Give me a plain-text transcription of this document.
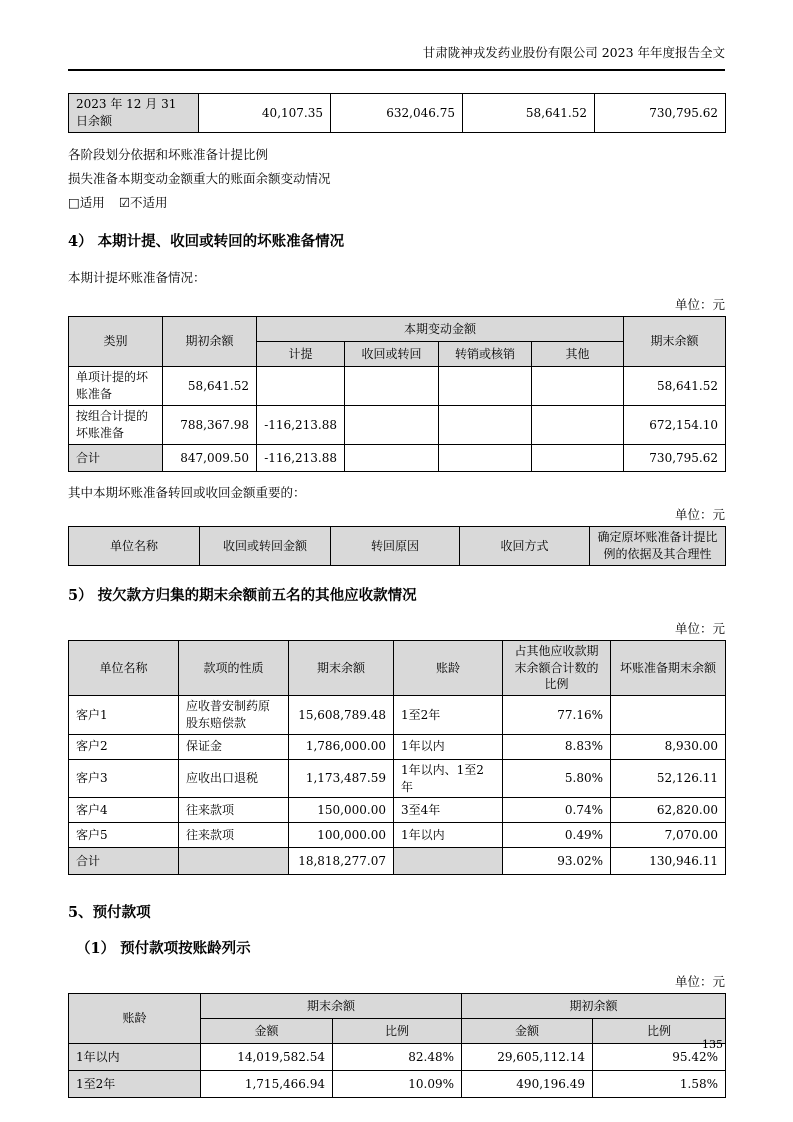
甘肃陇神戎发药业股份有限公司 2023 年年度报告全文
2023 年 12 月 31 日余额	40,107.35	632,046.75	58,641.52	730,795.62

各阶段划分依据和坏账准备计提比例

损失准备本期变动金额重大的账面余额变动情况

□适用 ☑不适用

4） 本期计提、收回或转回的坏账准备情况

本期计提坏账准备情况：

单位：元
类别	期初余额	本期变动金额				期末余额
		计提	收回或转回	转销或核销	其他	
单项计提的坏账准备	58,641.52					58,641.52
按组合计提的坏账准备	788,367.98	-116,213.88				672,154.10
合计	847,009.50	-116,213.88				730,795.62

其中本期坏账准备转回或收回金额重要的：

单位：元
单位名称	收回或转回金额	转回原因	收回方式	确定原坏账准备计提比例的依据及其合理性
5） 按欠款方归集的期末余额前五名的其他应收款情况
单位：元
单位名称	款项的性质	期末余额	账龄	占其他应收款期末余额合计数的比例	坏账准备期末余额
客户1	应收普安制药原股东赔偿款	15,608,789.48	1至2年	77.16%	
客户2	保证金	1,786,000.00	1年以内	8.83%	8,930.00
客户3	应收出口退税	1,173,487.59	1年以内、1至2年	5.80%	52,126.11
客户4	往来款项	150,000.00	3至4年	0.74%	62,820.00
客户5	往来款项	100,000.00	1年以内	0.49%	7,070.00
合计		18,818,277.07		93.02%	130,946.11
5、预付款项
（1） 预付款项按账龄列示
单位：元
账龄	期末余额		期初余额	
	金额	比例	金额	比例
1年以内	14,019,582.54	82.48%	29,605,112.14	95.42%
1至2年	1,715,466.94	10.09%	490,196.49	1.58%
135
